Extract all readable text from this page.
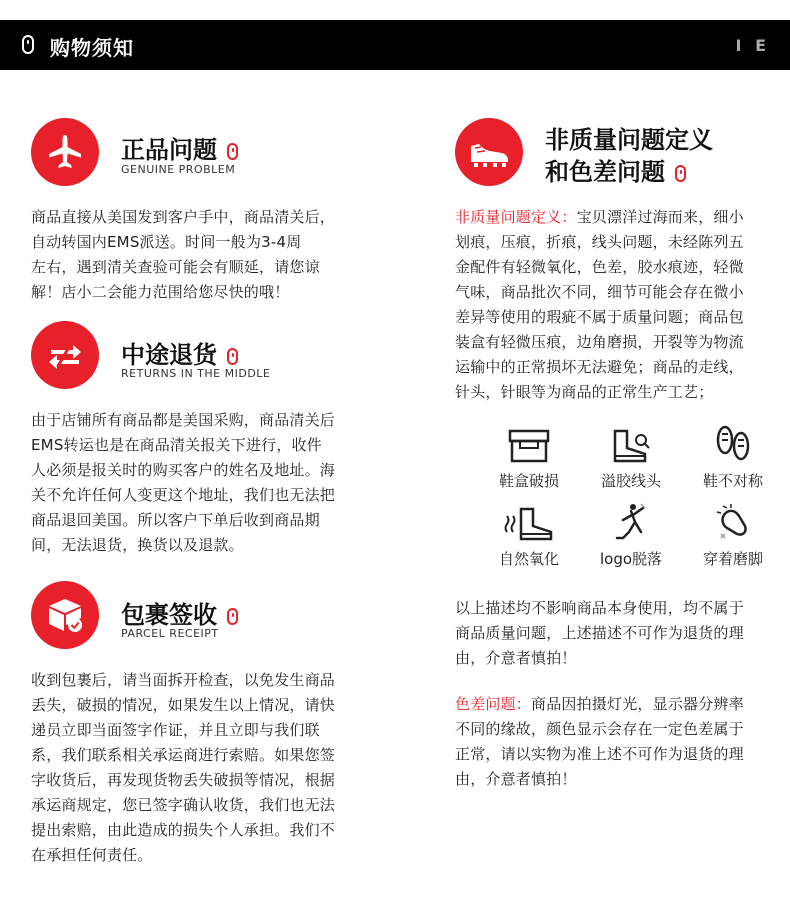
购物须知	I E
正品问题
GENUINE PROBLEM
商品直接从美国发到客户手中，商品清关后，
自动转国内EMS派送。时间一般为3-4周
左右，遇到清关查验可能会有顺延，请您谅
解！店小二会能力范围给您尽快的哦！
中途退货
RETURNS IN THE MIDDLE
由于店铺所有商品都是美国采购，商品清关后
EMS转运也是在商品清关报关下进行，收件
人必须是报关时的购买客户的姓名及地址。海
关不允许任何人变更这个地址，我们也无法把
商品退回美国。所以客户下单后收到商品期
间，无法退货，换货以及退款。
包裹签收
PARCEL RECEIPT
收到包裹后，请当面拆开检查，以免发生商品
丢失，破损的情况，如果发生以上情况，请快
递员立即当面签字作证，并且立即与我们联
系，我们联系相关承运商进行索赔。如果您签
字收货后，再发现货物丢失破损等情况，根据
承运商规定，您已签字确认收货，我们也无法
提出索赔，由此造成的损失个人承担。我们不
在承担任何责任。
非质量问题定义
和色差问题
非质量问题定义：宝贝漂洋过海而来，细小
划痕，压痕，折痕，线头问题，未经陈列五
金配件有轻微氧化，色差，胶水痕迹，轻微
气味，商品批次不同，细节可能会存在微小
差异等使用的瑕疵不属于质量问题；商品包
装盒有轻微压痕，边角磨损，开裂等为物流
运输中的正常损坏无法避免；商品的走线，
针头，针眼等为商品的正常生产工艺；
鞋盒破损	溢胶线头	鞋不对称
自然氧化	logo脱落	穿着磨脚
以上描述均不影响商品本身使用，均不属于
商品质量问题，上述描述不可作为退货的理
由，介意者慎拍！
色差问题：商品因拍摄灯光，显示器分辨率
不同的缘故，颜色显示会存在一定色差属于
正常，请以实物为准上述不可作为退货的理
由，介意者慎拍！
